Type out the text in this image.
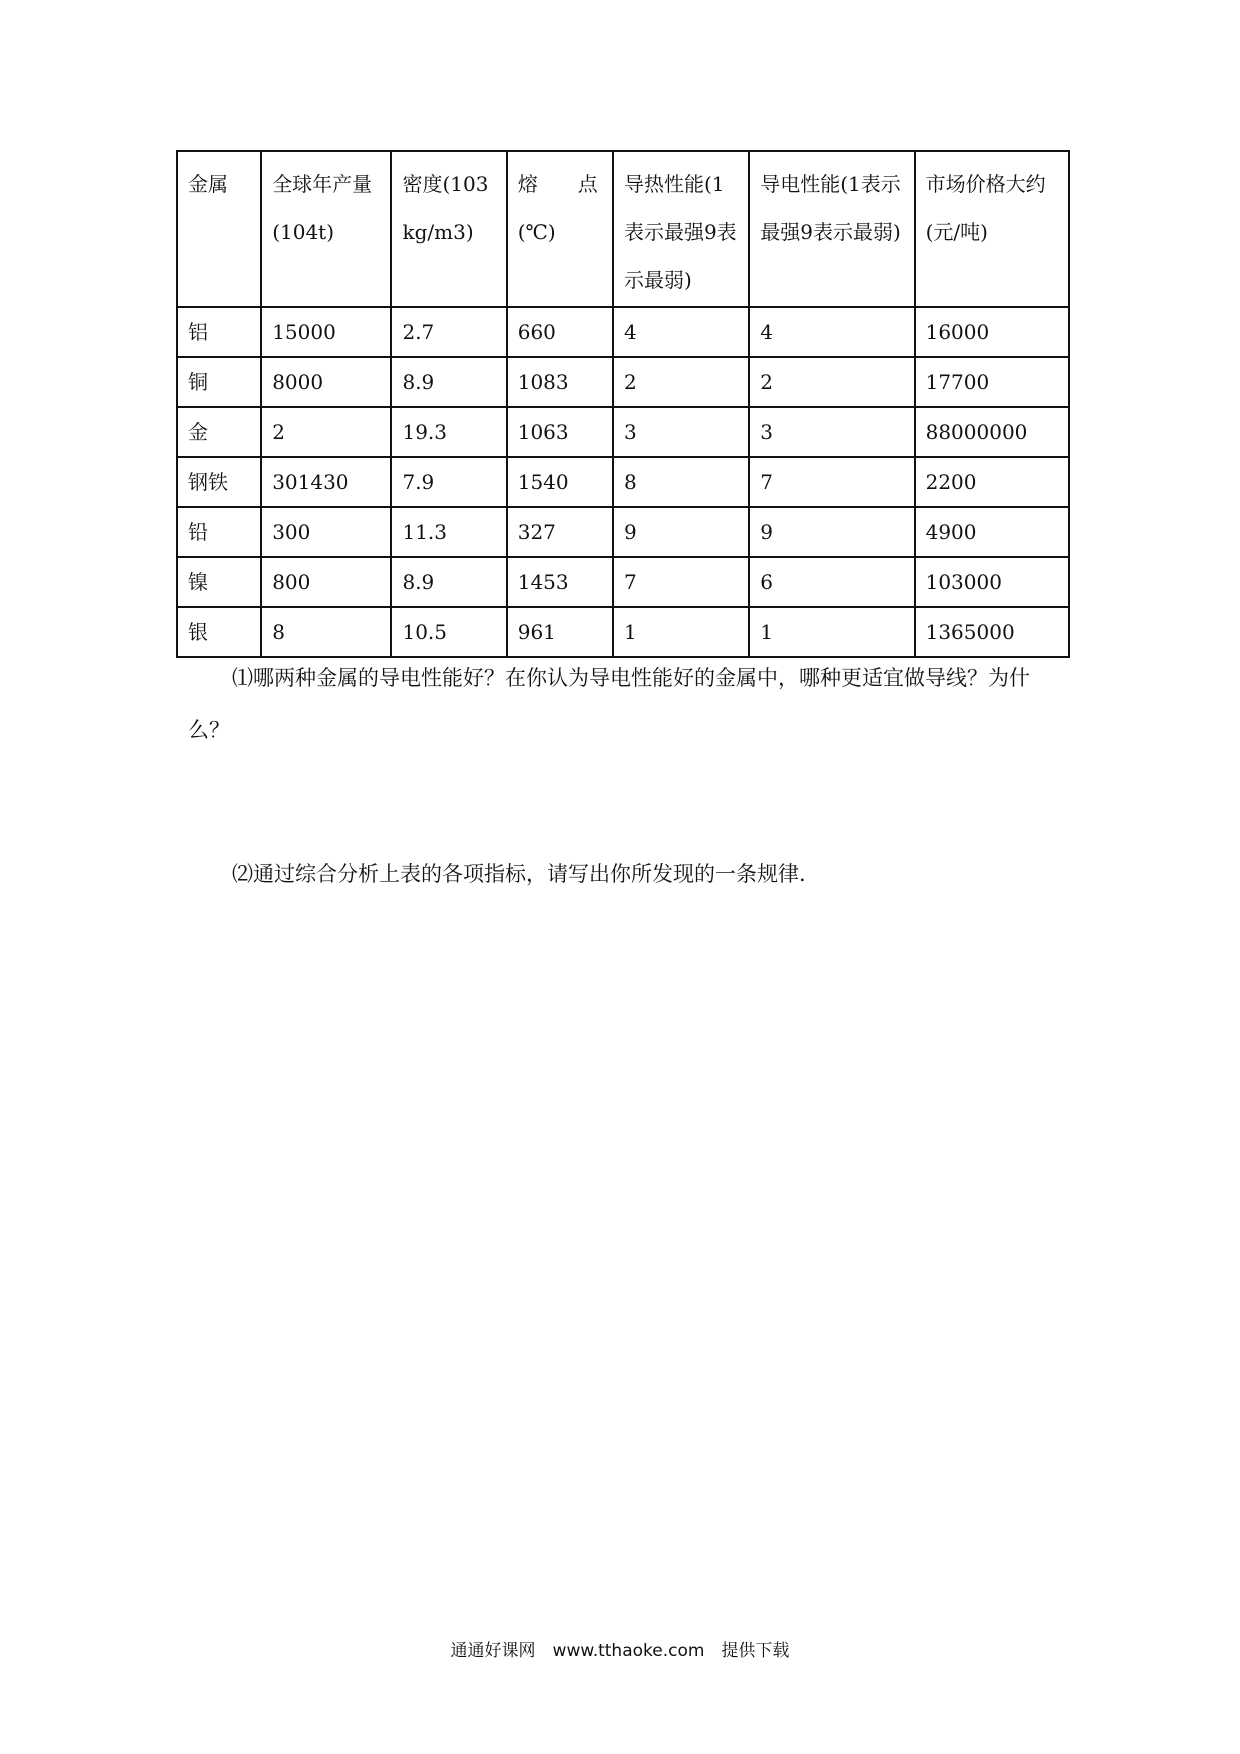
金属	全球年产量(104t)	密度(103 kg/m3)	熔　　点(℃)	导热性能(1表示最强9表示最弱)	导电性能(1表示最强9表示最弱)	市场价格大约(元/吨)
铝	15000	2.7	660	4	4	16000
铜	8000	8.9	1083	2	2	17700
金	2	19.3	1063	3	3	88000000
钢铁	301430	7.9	1540	8	7	2200
铅	300	11.3	327	9	9	4900
镍	800	8.9	1453	7	6	103000
银	8	10.5	961	1	1	1365000

⑴哪两种金属的导电性能好？在你认为导电性能好的金属中，哪种更适宜做导线？为什么？

⑵通过综合分析上表的各项指标，请写出你所发现的一条规律.

通通好课网　www.tthaoke.com　提供下载
